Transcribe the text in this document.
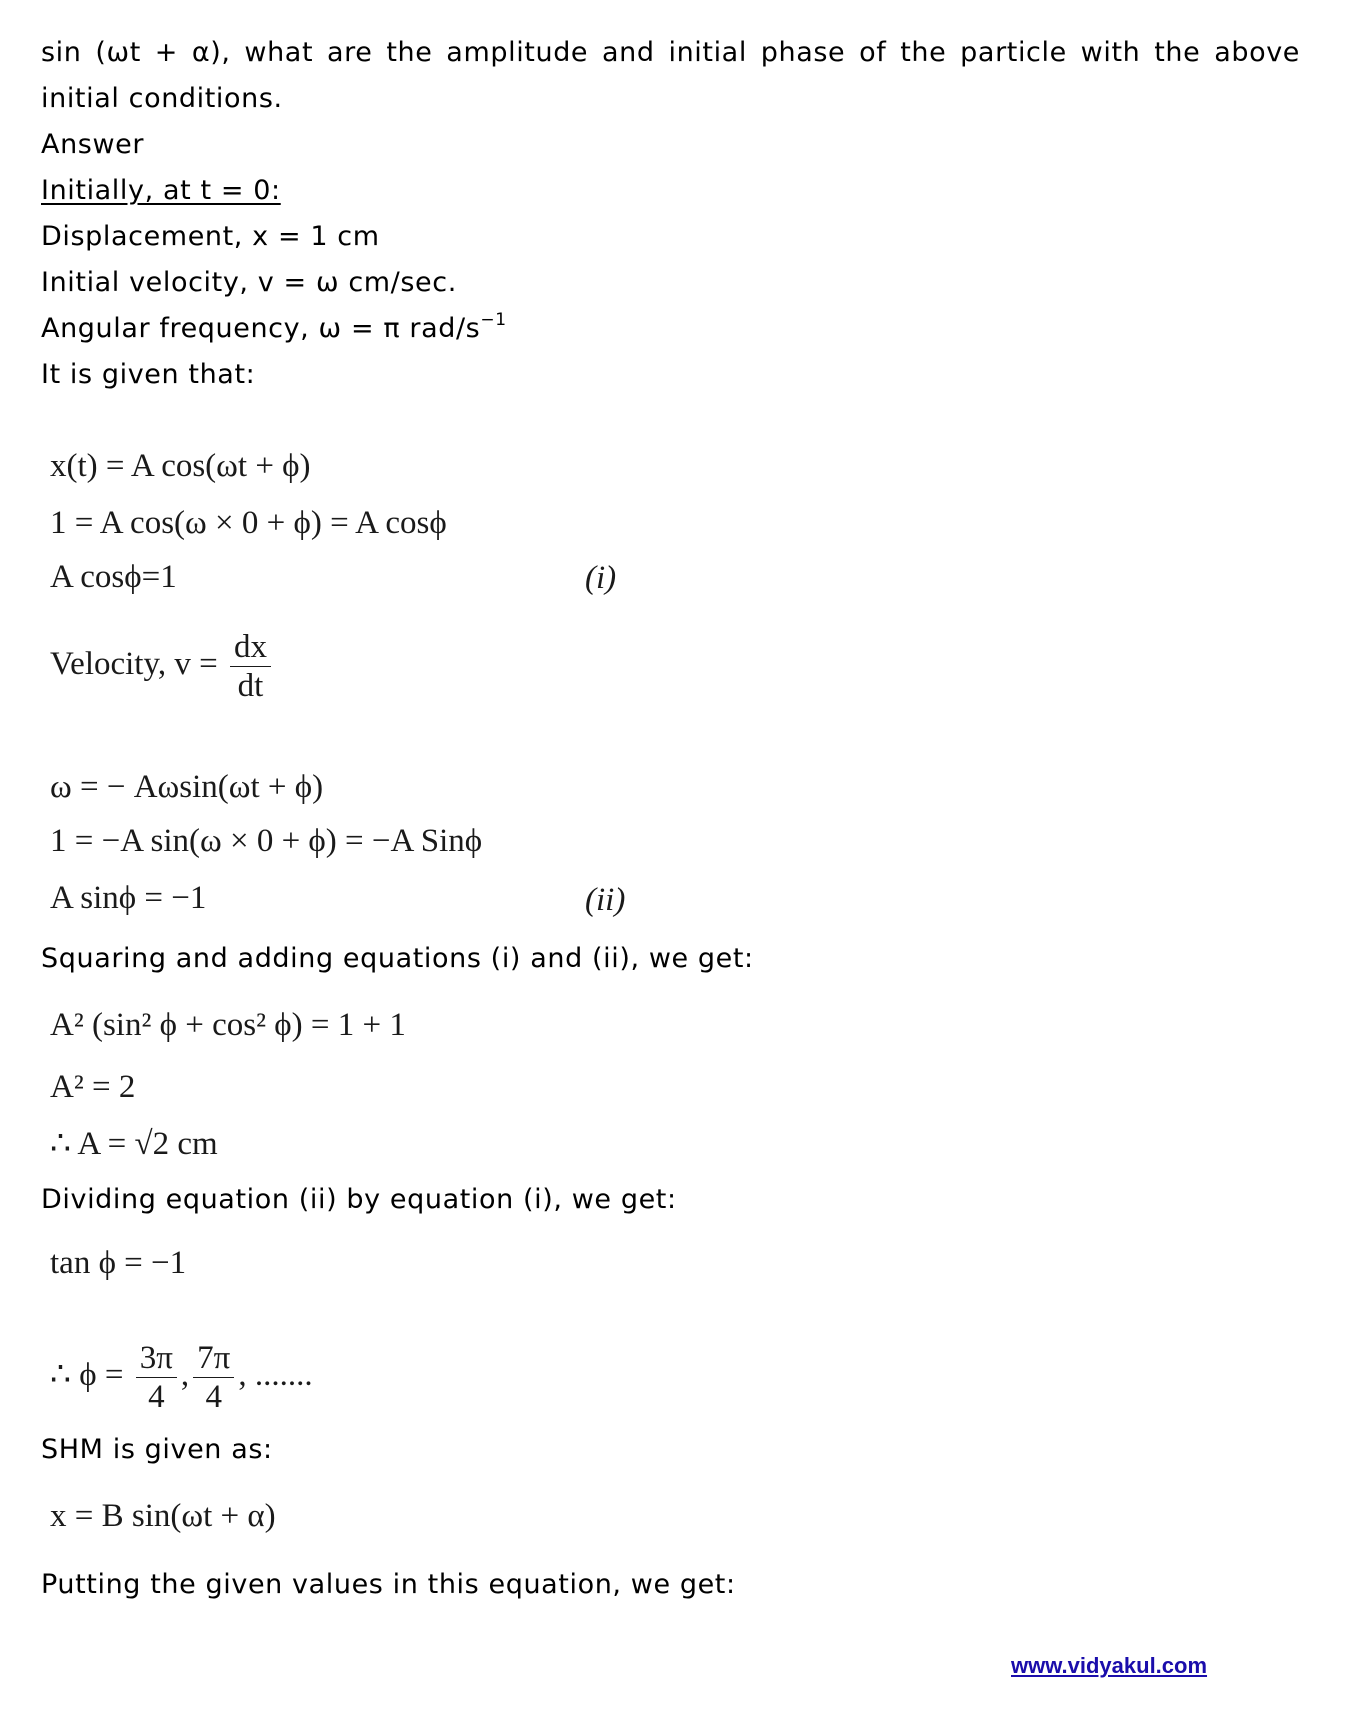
sin (ωt + α), what are the amplitude and initial phase of the particle with the above
initial conditions.
Answer
Initially, at t = 0:
Displacement, x = 1 cm
Initial velocity, v = ω cm/sec.
Angular frequency, ω = π rad/$s^{-1}$
It is given that:
x(t) = A cos(ωt + ϕ)
1 = A cos(ω × 0 + ϕ) = A cosϕ
A cosϕ=1	(i)
Velocity, $v = \frac{dx}{dt}$
ω = − Aωsin(ωt + ϕ)
1 = −A sin(ω × 0 + ϕ) = −A Sinϕ
A sinϕ = −1	(ii)
Squaring and adding equations (i) and (ii), we get:
A² (sin² ϕ + cos² ϕ) = 1 + 1
A² = 2
∴ A = √2 cm
Dividing equation (ii) by equation (i), we get:
tan ϕ = −1
∴ $\phi = \frac{3\pi}{4}$ , $\frac{7\pi}{4}$ , .......
SHM is given as:
x = B sin(ωt + α)
Putting the given values in this equation, we get:
www.vidyakul.com
